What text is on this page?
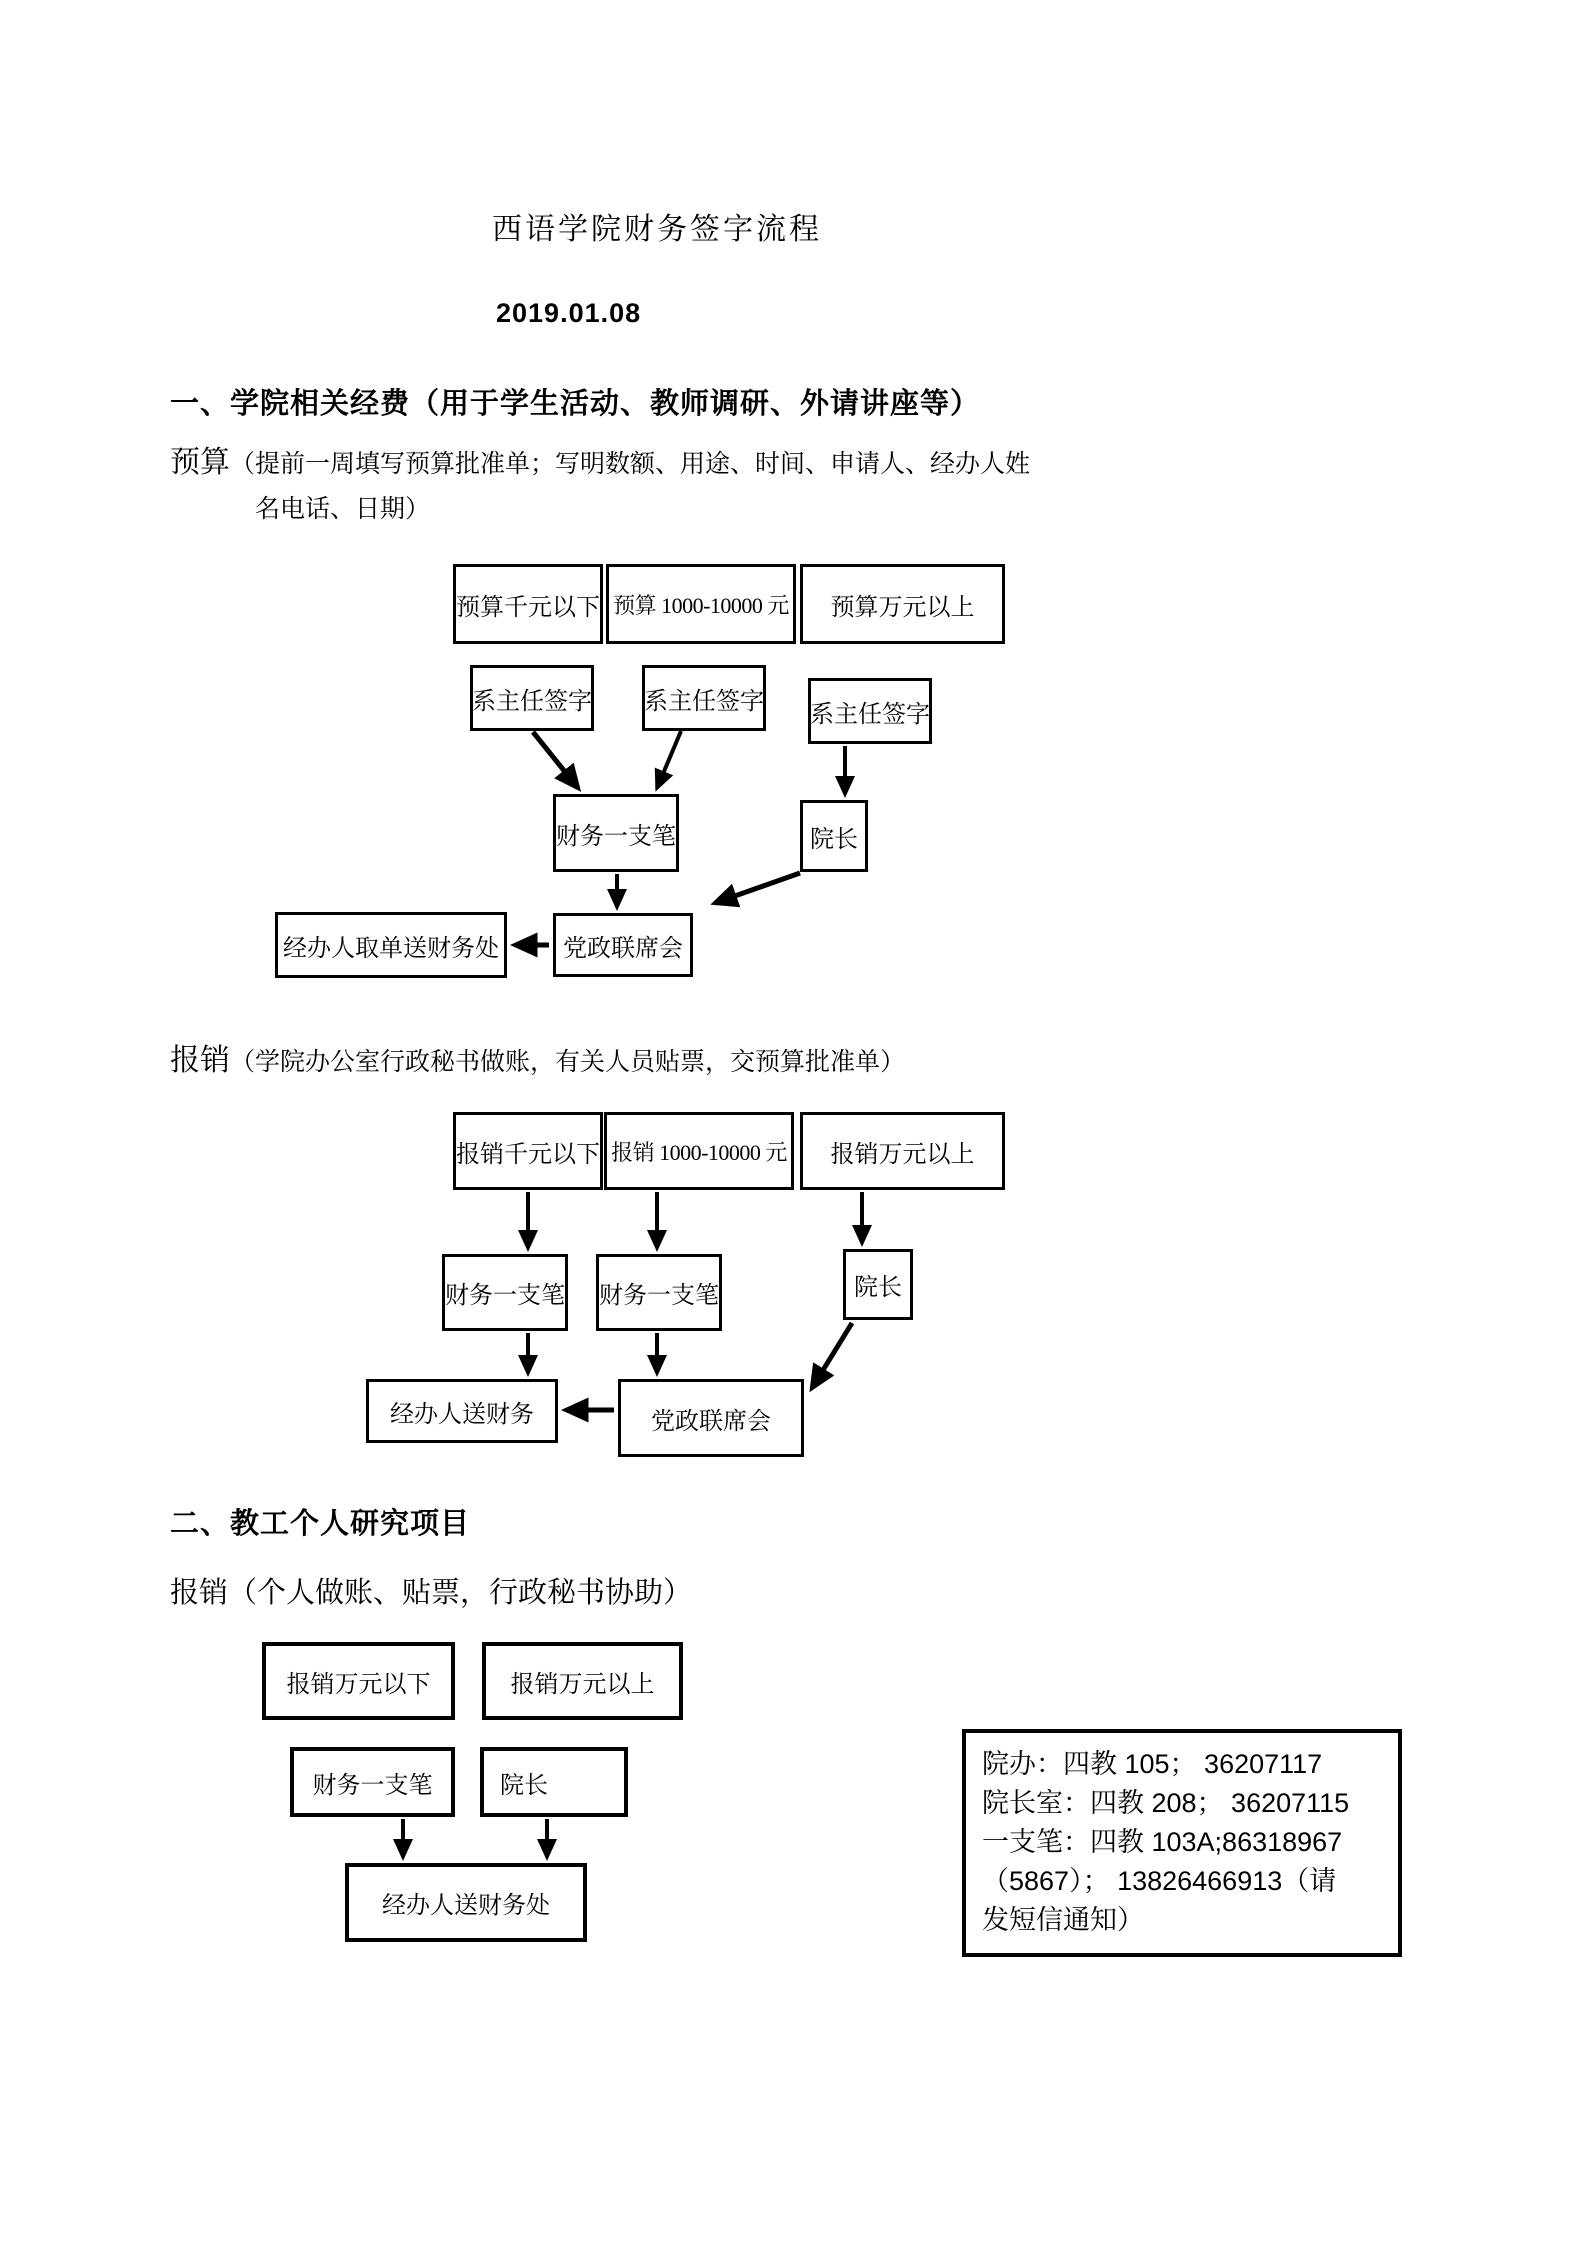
西语学院财务签字流程
2019.01.08
一、学院相关经费（用于学生活动、教师调研、外请讲座等）
预算（提前一周填写预算批准单；写明数额、用途、时间、申请人、经办人姓
名电话、日期）
报销（学院办公室行政秘书做账，有关人员贴票，交预算批准单）
二、教工个人研究项目
报销（个人做账、贴票，行政秘书协助）
院办：四教 105； 36207117
院长室：四教 208； 36207115
一支笔：四教 103A;86318967
（5867）； 13826466913（请
发短信通知）
预算千元以下 预算 1000-10000 元	预算万元以上
系主任签字 系主任签字 系主任签字
财务一支笔	院长
经办人取单送财务处	党政联席会
报销千元以下 报销 1000-10000 元	报销万元以上
财务一支笔 财务一支笔	院长
经办人送财务	党政联席会
报销万元以下	报销万元以上
财务一支笔	院长
经办人送财务处
